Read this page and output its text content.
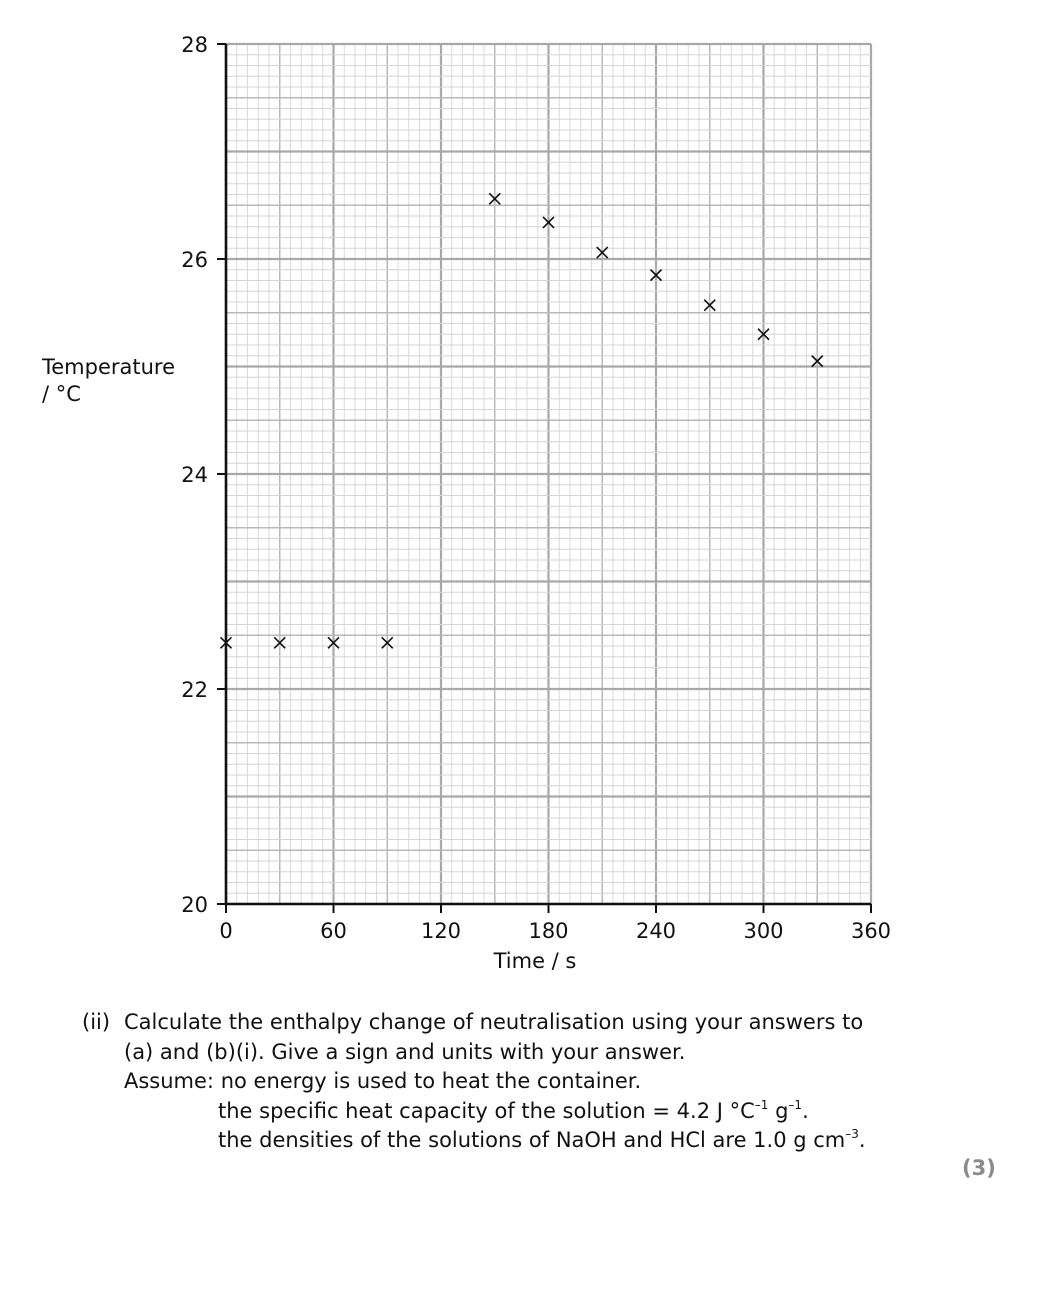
0	60	120	180	240	300	360
20
22
24
26
28
Time / s
Temperature
/ °C
(ii) Calculate the enthalpy change of neutralisation using your answers to
(a) and (b)(i). Give a sign and units with your answer.
Assume: no energy is used to heat the container.
the specific heat capacity of the solution = 4.2 J $^\circ C^{-1}$ $g^{-1}$.
the densities of the solutions of NaOH and HCl are 1.0 g $cm^{-3}$.
(3)
